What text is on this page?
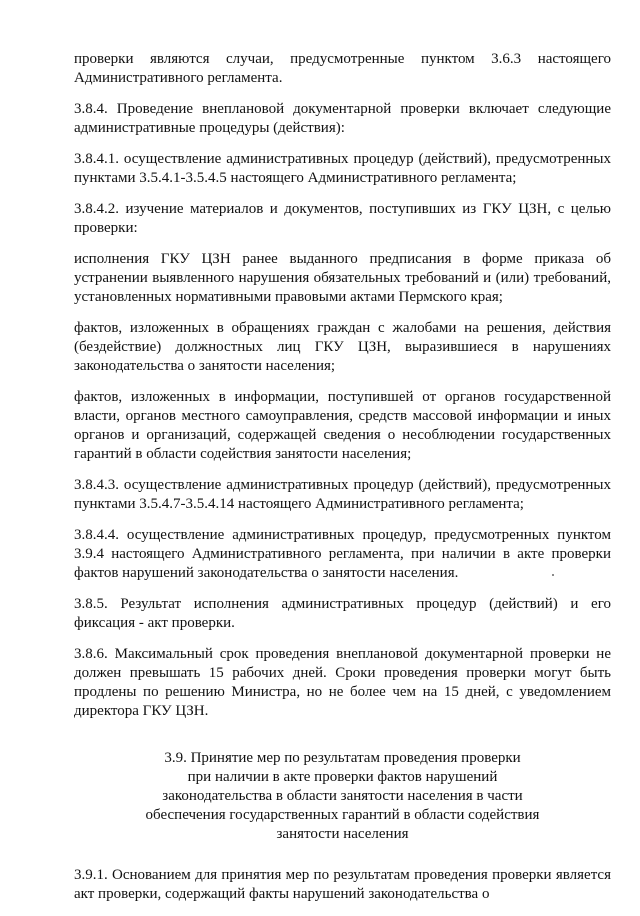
проверки являются случаи, предусмотренные пунктом 3.6.3 настоящего Административного регламента.

3.8.4. Проведение внеплановой документарной проверки включает следующие административные процедуры (действия):

3.8.4.1. осуществление административных процедур (действий), предусмотренных пунктами 3.5.4.1-3.5.4.5 настоящего Административного регламента;

3.8.4.2. изучение материалов и документов, поступивших из ГКУ ЦЗН, с целью проверки:

исполнения ГКУ ЦЗН ранее выданного предписания в форме приказа об устранении выявленного нарушения обязательных требований и (или) требований, установленных нормативными правовыми актами Пермского края;

фактов, изложенных в обращениях граждан с жалобами на решения, действия (бездействие) должностных лиц ГКУ ЦЗН, выразившиеся в нарушениях законодательства о занятости населения;

фактов, изложенных в информации, поступившей от органов государственной власти, органов местного самоуправления, средств массовой информации и иных органов и организаций, содержащей сведения о несоблюдении государственных гарантий в области содействия занятости населения;

3.8.4.3. осуществление административных процедур (действий), предусмотренных пунктами 3.5.4.7-3.5.4.14 настоящего Административного регламента;

3.8.4.4. осуществление административных процедур, предусмотренных пунктом 3.9.4 настоящего Административного регламента, при наличии в акте проверки фактов нарушений законодательства о занятости населения.

3.8.5. Результат исполнения административных процедур (действий) и его фиксация - акт проверки.

3.8.6. Максимальный срок проведения внеплановой документарной проверки не должен превышать 15 рабочих дней. Сроки проведения проверки могут быть продлены по решению Министра, но не более чем на 15 дней, с уведомлением директора ГКУ ЦЗН.

3.9. Принятие мер по результатам проведения проверки
при наличии в акте проверки фактов нарушений
законодательства в области занятости населения в части
обеспечения государственных гарантий в области содействия
занятости населения

3.9.1. Основанием для принятия мер по результатам проведения проверки является акт проверки, содержащий факты нарушений законодательства о
